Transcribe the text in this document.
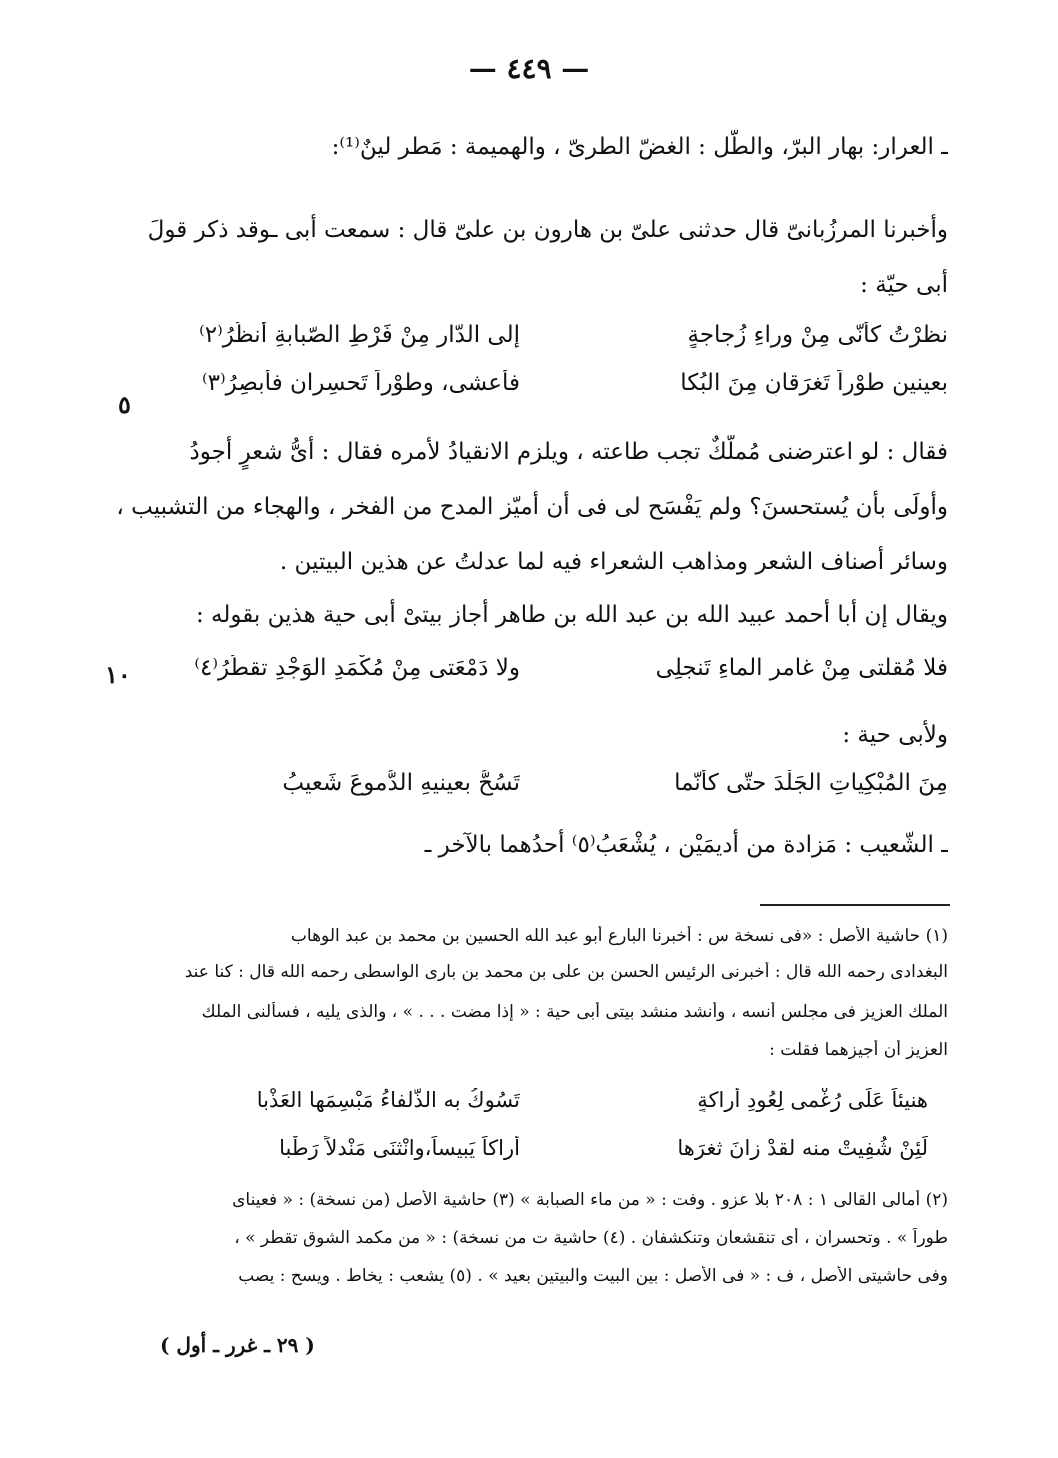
— ٤٤٩ —
ـ العرار: بهار البرّ، والطّل : الغضّ الطرىّ ، والهميمة : مَطر لينٌ⁽¹⁾:
وأخبرنا المرزُبانىّ قال حدثنى علىّ بن هارون بن علىّ قال : سمعت أبى ـوقد ذكر قولَ
أبى حيّة :
نظرْتُ كأنّى مِنْ وراءِ زُجاجةٍ
إلى الدّارِ مِنْ فَرْطِ الصّبابةِ أنظُرُ⁽٢⁾
بعينين طوْراً تَغرَقانِ مِنَ البُكا
فأعشى، وطوْراً تَحسِران فأبصِرُ⁽٣⁾
٥
فقال : لو اعترضنى مُملّكٌ تجب طاعته ، ويلزم الانقيادُ لأمره فقال : أىُّ شعرٍ أجودُ
وأولَى بأن يُستحسنَ؟ ولم يَفْسَح لى فى أن أميّز المدح من الفخر ، والهجاء من التشبيب ،
وسائر أصناف الشعر ومذاهب الشعراء فيه لما عدلتُ عن هذين البيتين .
ويقال إن أبا أحمد عبيد الله بن عبد الله بن طاهر أجاز بيتىْ أبى حية هذين بقوله :
فلا مُقلتى مِنْ غامرِ الماءِ تَنجلِى
ولا دَمْعَتى مِنْ مُكْمَدِ الوَجْدِ تقطُرُ⁽٤⁾
١٠
ولأبى حية :
مِنَ المُبْكِياتِ الجَلْدَ حتّى كأنّما
تَسُحُّ بعينيهِ الدُّموعَ شَعيبُ
ـ الشّعيب : مَزادة من أديمَيْن ، يُشْعَبُ⁽٥⁾ أحدُهما بالآخر ـ
(١) حاشية الأصل : «فى نسخة س : أخبرنا البارع أبو عبد الله الحسين بن محمد بن عبد الوهاب
البغدادى رحمه الله قال : أخبرنى الرئيس الحسن بن على بن محمد بن بارى الواسطى رحمه الله قال : كنا عند
الملك العزيز فى مجلس أنسه ، وأنشد منشد بيتى أبى حية : « إذا مضت . . . » ، والذى يليه ، فسألنى الملك
العزيز أن أجيزهما فقلت :
هنيئاً عَلَى رُغْمى لِعُودِ أراكةٍ
تَسُوكُ به الذّلفاءُ مَبْسِمَها العَذْبا
لَئِنْ شُفِيتْ منه لقدْ زانَ ثغرَها
أراكاً يَبيساً،وانْثنَى مَنْدلاً رَطْبا
(٢) أمالى القالى ١ : ٢٠٨ بلا عزو . وفت : « من ماء الصبابة » (٣) حاشية الأصل (من نسخة) : « فعيناى
طوراً » . وتحسران ، أى تنقشعان وتنكشفان . (٤) حاشية ت من نسخة) : « من مكمد الشوق تقطر » ،
وفى حاشيتى الأصل ، ف : « فى الأصل : بين البيت والبيتين بعيد » . (٥) يشعب : يخاط . ويسح : يصب
( ٢٩ ـ غرر ـ أول )
